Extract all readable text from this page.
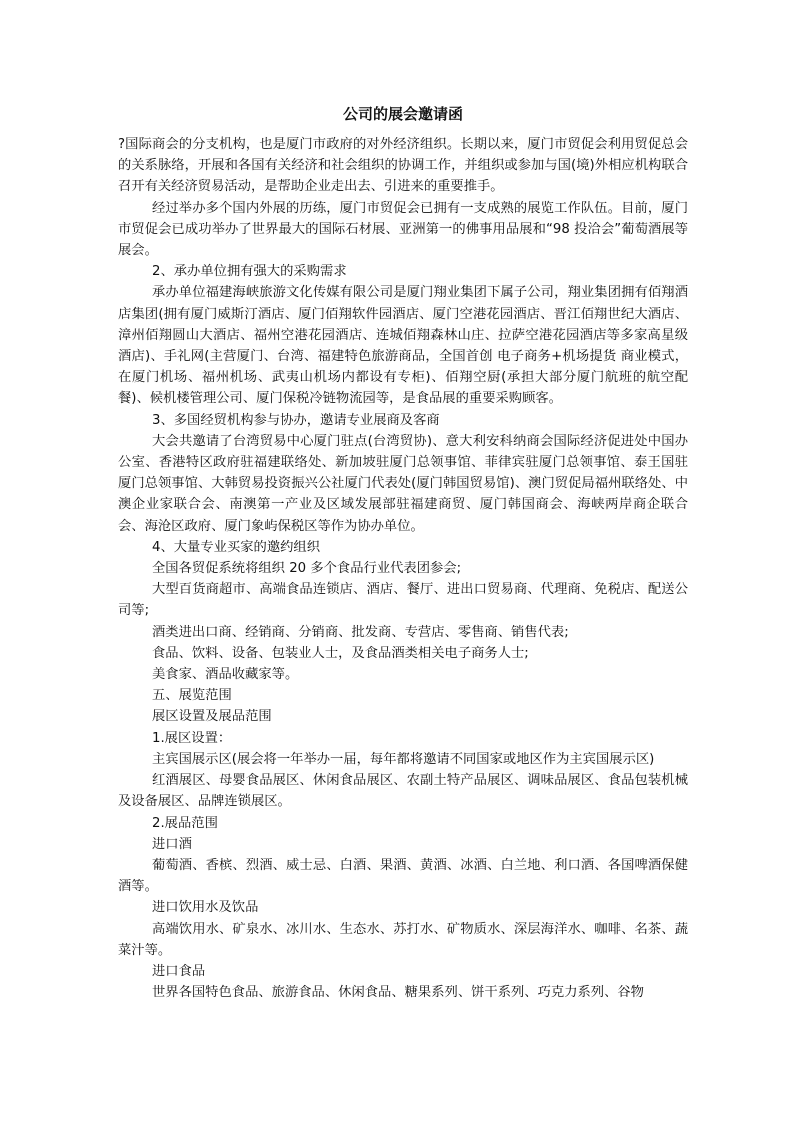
公司的展会邀请函

?国际商会的分支机构，也是厦门市政府的对外经济组织。长期以来，厦门市贸促会利用贸促总会的关系脉络，开展和各国有关经济和社会组织的协调工作，并组织或参加与国(境)外相应机构联合召开有关经济贸易活动，是帮助企业走出去、引进来的重要推手。

经过举办多个国内外展的历练，厦门市贸促会已拥有一支成熟的展览工作队伍。目前，厦门市贸促会已成功举办了世界最大的国际石材展、亚洲第一的佛事用品展和“98 投洽会”葡萄酒展等展会。

2、承办单位拥有强大的采购需求

承办单位福建海峡旅游文化传媒有限公司是厦门翔业集团下属子公司，翔业集团拥有佰翔酒店集团(拥有厦门威斯汀酒店、厦门佰翔软件园酒店、厦门空港花园酒店、晋江佰翔世纪大酒店、漳州佰翔圆山大酒店、福州空港花园酒店、连城佰翔森林山庄、拉萨空港花园酒店等多家高星级酒店)、手礼网(主营厦门、台湾、福建特色旅游商品，全国首创 电子商务+机场提货 商业模式，在厦门机场、福州机场、武夷山机场内都设有专柜)、佰翔空厨(承担大部分厦门航班的航空配餐)、候机楼管理公司、厦门保税冷链物流园等，是食品展的重要采购顾客。

3、多国经贸机构参与协办，邀请专业展商及客商

大会共邀请了台湾贸易中心厦门驻点(台湾贸协)、意大利安科纳商会国际经济促进处中国办公室、香港特区政府驻福建联络处、新加坡驻厦门总领事馆、菲律宾驻厦门总领事馆、泰王国驻厦门总领事馆、大韩贸易投资振兴公社厦门代表处(厦门韩国贸易馆)、澳门贸促局福州联络处、中澳企业家联合会、南澳第一产业及区域发展部驻福建商贸、厦门韩国商会、海峡两岸商企联合会、海沧区政府、厦门象屿保税区等作为协办单位。

4、大量专业买家的邀约组织

全国各贸促系统将组织 20 多个食品行业代表团参会;

大型百货商超市、高端食品连锁店、酒店、餐厅、进出口贸易商、代理商、免税店、配送公司等;

酒类进出口商、经销商、分销商、批发商、专营店、零售商、销售代表;

食品、饮料、设备、包装业人士，及食品酒类相关电子商务人士;

美食家、酒品收藏家等。

五、展览范围

展区设置及展品范围

1.展区设置：

主宾国展示区(展会将一年举办一届，每年都将邀请不同国家或地区作为主宾国展示区)

红酒展区、母婴食品展区、休闲食品展区、农副土特产品展区、调味品展区、食品包装机械及设备展区、品牌连锁展区。

2.展品范围

进口酒

葡萄酒、香槟、烈酒、威士忌、白酒、果酒、黄酒、冰酒、白兰地、利口酒、各国啤酒保健酒等。

进口饮用水及饮品

高端饮用水、矿泉水、冰川水、生态水、苏打水、矿物质水、深层海洋水、咖啡、名茶、蔬菜汁等。

进口食品

世界各国特色食品、旅游食品、休闲食品、糖果系列、饼干系列、巧克力系列、谷物
